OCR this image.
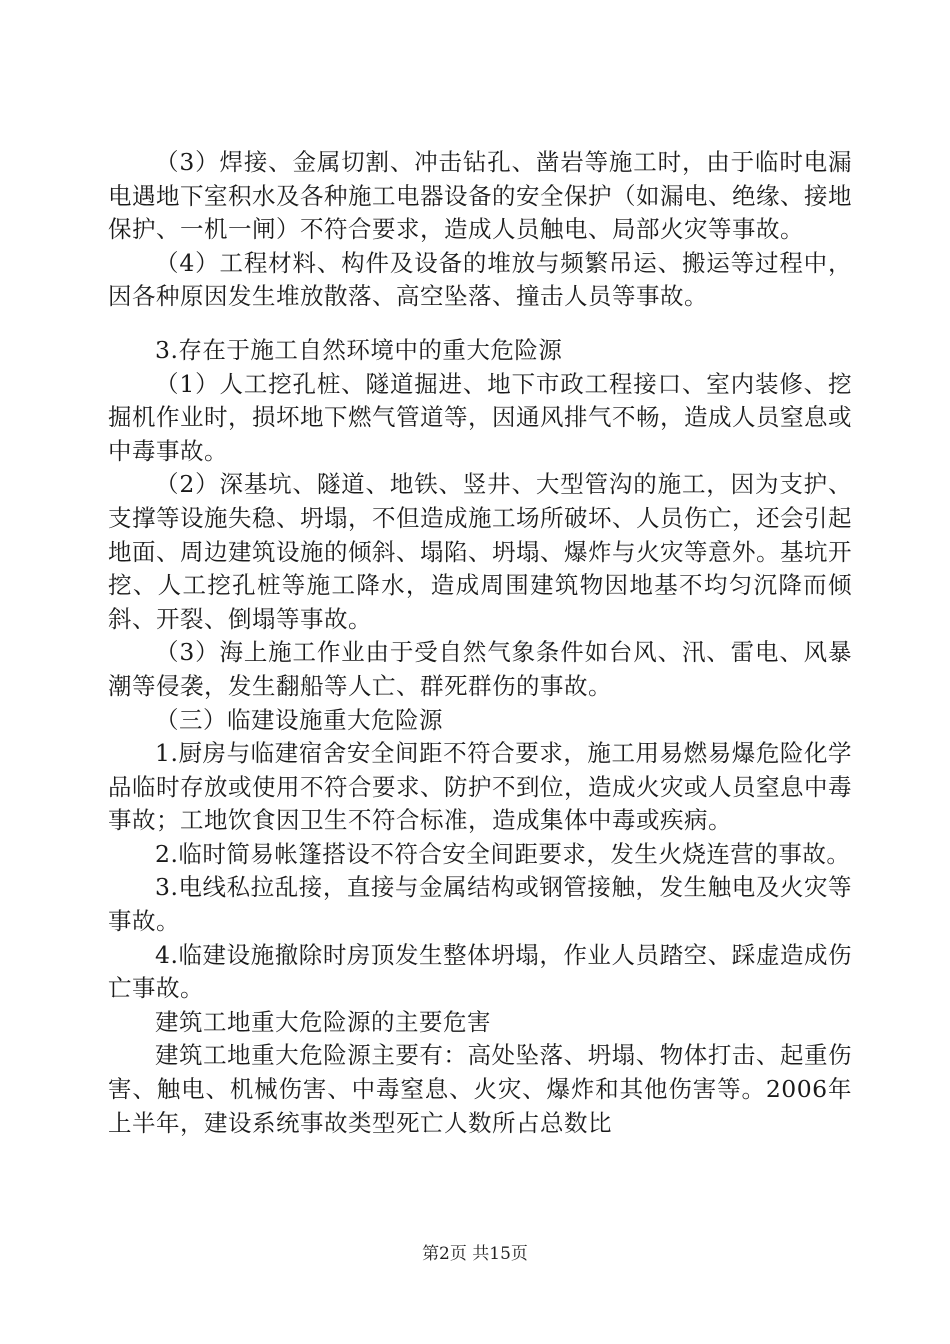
（3）焊接、金属切割、冲击钻孔、凿岩等施工时，由于临时电漏电遇地下室积水及各种施工电器设备的安全保护（如漏电、绝缘、接地保护、一机一闸）不符合要求，造成人员触电、局部火灾等事故。

（4）工程材料、构件及设备的堆放与频繁吊运、搬运等过程中，因各种原因发生堆放散落、高空坠落、撞击人员等事故。

3.存在于施工自然环境中的重大危险源

（1）人工挖孔桩、隧道掘进、地下市政工程接口、室内装修、挖掘机作业时，损坏地下燃气管道等，因通风排气不畅，造成人员窒息或中毒事故。

（2）深基坑、隧道、地铁、竖井、大型管沟的施工，因为支护、支撑等设施失稳、坍塌，不但造成施工场所破坏、人员伤亡，还会引起地面、周边建筑设施的倾斜、塌陷、坍塌、爆炸与火灾等意外。基坑开挖、人工挖孔桩等施工降水，造成周围建筑物因地基不均匀沉降而倾斜、开裂、倒塌等事故。

（3）海上施工作业由于受自然气象条件如台风、汛、雷电、风暴潮等侵袭，发生翻船等人亡、群死群伤的事故。

（三）临建设施重大危险源

1.厨房与临建宿舍安全间距不符合要求，施工用易燃易爆危险化学品临时存放或使用不符合要求、防护不到位，造成火灾或人员窒息中毒事故；工地饮食因卫生不符合标准，造成集体中毒或疾病。

2.临时简易帐篷搭设不符合安全间距要求，发生火烧连营的事故。

3.电线私拉乱接，直接与金属结构或钢管接触，发生触电及火灾等事故。

4.临建设施撤除时房顶发生整体坍塌，作业人员踏空、踩虚造成伤亡事故。

建筑工地重大危险源的主要危害

建筑工地重大危险源主要有：高处坠落、坍塌、物体打击、起重伤害、触电、机械伤害、中毒窒息、火灾、爆炸和其他伤害等。2006年上半年，建设系统事故类型死亡人数所占总数比

第2页 共15页
